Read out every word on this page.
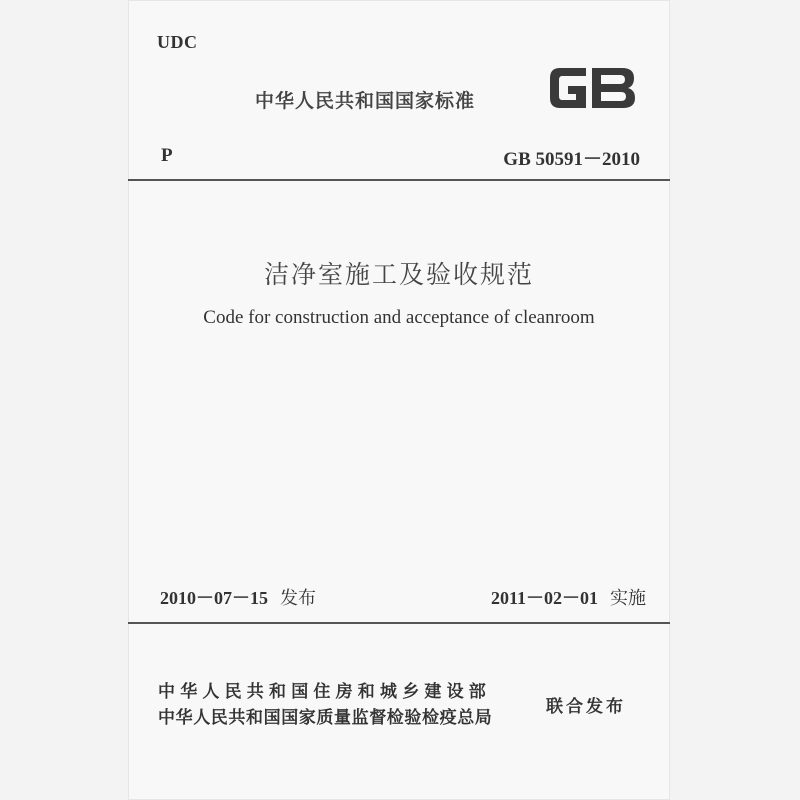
UDC
中华人民共和国国家标准
P	GB 50591－2010
洁净室施工及验收规范
Code for construction and acceptance of cleanroom
2010－07－15 发布	2011－02－01 实施
中华人民共和国住房和城乡建设部
中华人民共和国国家质量监督检验检疫总局
联合发布
